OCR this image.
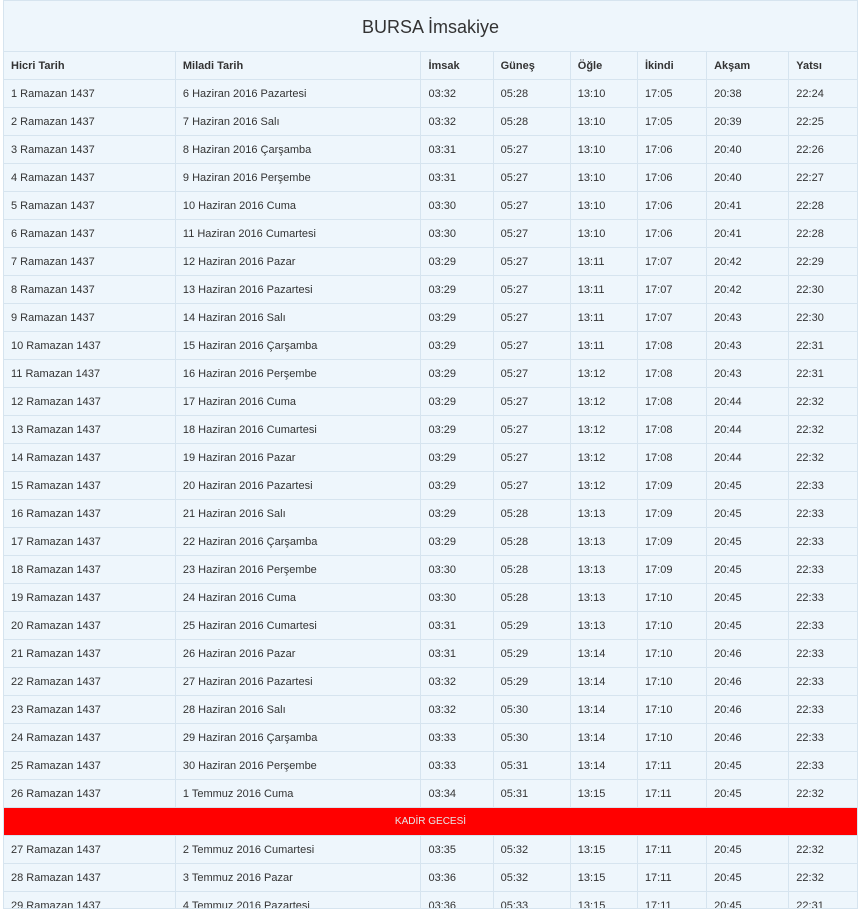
BURSA İmsakiye
Hicri Tarih	Miladi Tarih	İmsak	Güneş	Öğle	İkindi	Akşam	Yatsı
1 Ramazan 1437	6 Haziran 2016 Pazartesi	03:32	05:28	13:10	17:05	20:38	22:24
2 Ramazan 1437	7 Haziran 2016 Salı	03:32	05:28	13:10	17:05	20:39	22:25
3 Ramazan 1437	8 Haziran 2016 Çarşamba	03:31	05:27	13:10	17:06	20:40	22:26
4 Ramazan 1437	9 Haziran 2016 Perşembe	03:31	05:27	13:10	17:06	20:40	22:27
5 Ramazan 1437	10 Haziran 2016 Cuma	03:30	05:27	13:10	17:06	20:41	22:28
6 Ramazan 1437	11 Haziran 2016 Cumartesi	03:30	05:27	13:10	17:06	20:41	22:28
7 Ramazan 1437	12 Haziran 2016 Pazar	03:29	05:27	13:11	17:07	20:42	22:29
8 Ramazan 1437	13 Haziran 2016 Pazartesi	03:29	05:27	13:11	17:07	20:42	22:30
9 Ramazan 1437	14 Haziran 2016 Salı	03:29	05:27	13:11	17:07	20:43	22:30
10 Ramazan 1437	15 Haziran 2016 Çarşamba	03:29	05:27	13:11	17:08	20:43	22:31
11 Ramazan 1437	16 Haziran 2016 Perşembe	03:29	05:27	13:12	17:08	20:43	22:31
12 Ramazan 1437	17 Haziran 2016 Cuma	03:29	05:27	13:12	17:08	20:44	22:32
13 Ramazan 1437	18 Haziran 2016 Cumartesi	03:29	05:27	13:12	17:08	20:44	22:32
14 Ramazan 1437	19 Haziran 2016 Pazar	03:29	05:27	13:12	17:08	20:44	22:32
15 Ramazan 1437	20 Haziran 2016 Pazartesi	03:29	05:27	13:12	17:09	20:45	22:33
16 Ramazan 1437	21 Haziran 2016 Salı	03:29	05:28	13:13	17:09	20:45	22:33
17 Ramazan 1437	22 Haziran 2016 Çarşamba	03:29	05:28	13:13	17:09	20:45	22:33
18 Ramazan 1437	23 Haziran 2016 Perşembe	03:30	05:28	13:13	17:09	20:45	22:33
19 Ramazan 1437	24 Haziran 2016 Cuma	03:30	05:28	13:13	17:10	20:45	22:33
20 Ramazan 1437	25 Haziran 2016 Cumartesi	03:31	05:29	13:13	17:10	20:45	22:33
21 Ramazan 1437	26 Haziran 2016 Pazar	03:31	05:29	13:14	17:10	20:46	22:33
22 Ramazan 1437	27 Haziran 2016 Pazartesi	03:32	05:29	13:14	17:10	20:46	22:33
23 Ramazan 1437	28 Haziran 2016 Salı	03:32	05:30	13:14	17:10	20:46	22:33
24 Ramazan 1437	29 Haziran 2016 Çarşamba	03:33	05:30	13:14	17:10	20:46	22:33
25 Ramazan 1437	30 Haziran 2016 Perşembe	03:33	05:31	13:14	17:11	20:45	22:33
26 Ramazan 1437	1 Temmuz 2016 Cuma	03:34	05:31	13:15	17:11	20:45	22:32
KADİR GECESİ							
27 Ramazan 1437	2 Temmuz 2016 Cumartesi	03:35	05:32	13:15	17:11	20:45	22:32
28 Ramazan 1437	3 Temmuz 2016 Pazar	03:36	05:32	13:15	17:11	20:45	22:32
29 Ramazan 1437	4 Temmuz 2016 Pazartesi	03:36	05:33	13:15	17:11	20:45	22:31
